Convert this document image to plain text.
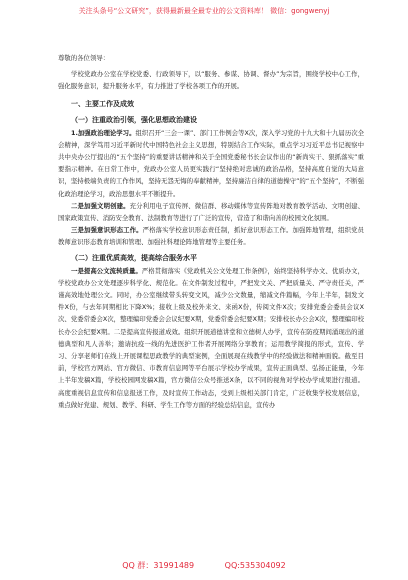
关注头条号“公文研究”，获得最新最全最专业的公文资料库！ 微信：gongwenyj

尊敬的各位领导：

学校党政办公室在学校党委、行政领导下，以“服务、参谋、协调、督办”为宗旨，围绕学校中心工作，强化服务意识，提升服务水平，有力推进了学校各项工作的开展。

一、主要工作及成效

（一）注重政治引领，强化思想政治建设

1.加强政治理论学习。组织召开“三会一课”、部门工作例会等X次，深入学习党的十九大和十九届历次全会精神，深学笃用习近平新时代中国特色社会主义思想，特别结合工作实际，重点学习习近平总书记视察中共中央办公厅提出的“五个坚持”的重要讲话精神和关于全国党委秘书长会议作出的“新尚实干、狠抓落实”重要指示精神。在日常工作中，党政办公室人员更实践行“坚持绝对忠诚的政治品格，坚持高度自觉的大局意识，坚持极端负责的工作作风，坚持无怨无悔的奉献精神，坚持廉洁自律的道德操守”的“五个坚持”，不断强化政治理论学习，政治思想水平不断提升。

二是加强文明创建。充分利用电子宣传屏、微信群、移动媒体等宣传阵地对教育教学活动、文明创建、国家政策宣传、消防安全教育、法制教育等进行了广泛的宣传，营造了和谐向善的校园文化氛围。

三是加强意识形态工作。严格落实学校意识形态责任制，抓好意识形态工作。加强阵地管理，组织党员教师意识形态教育培训和管理、加强社科理论阵地管理等主要任务。

（二）注重优质高效，提高综合服务水平

一是提高公文流转质量。严格贯彻落实《党政机关公文处理工作条例》，始终坚持科学办文、优质办文，学校党政办公文处理逐步科学化、规范化。在文件制发过程中，严把发文关、严把质量关、严守责任关，严谨高效地处理公文。同时，办公室继续带头转变文风，减少公文数量，缩减文件篇幅，今年上半年，制发文件X份，与去年同期相比下降X%；接收上级及校外来文、来函X份，传阅文件X次；安排党委会委员会议X次、党委常委会X次，整理编印党委会会议纪要X期，党委常委会纪要X期；安排校长办公会X次，整理编印校长办公会纪要X期。二是提高宣传报道成效。组织开展道德讲堂和立德树人办学，宣传在防疫期间涌现出的道德典型和凡人善举；邀请抗疫一线的先进医护工作者开展网络分享教育；运用教学简报的形式，宣传、学习、分享老师们在线上开展课程思政教学的典型案例，全面展现在线教学中的经验做法和精神面貌。截至目前，学校官方网站、官方微信、市教育信息网等平台展示学校办学成果，宣传正面典型、弘扬正能量，今年上半年发稿X篇，学校校园网发稿X篇，官方微信公众号推送X条，以不同的视角对学校办学成果进行报道。高度重视信息宣传和信息报送工作，及时宣传工作动态，受到上级相关部门肯定，广泛收集学校发展信息，重点做好党建、规划、教学、科研、学生工作等方面的经验总结信息，宣传办

QQ 群：31991489	QQ:535304092
